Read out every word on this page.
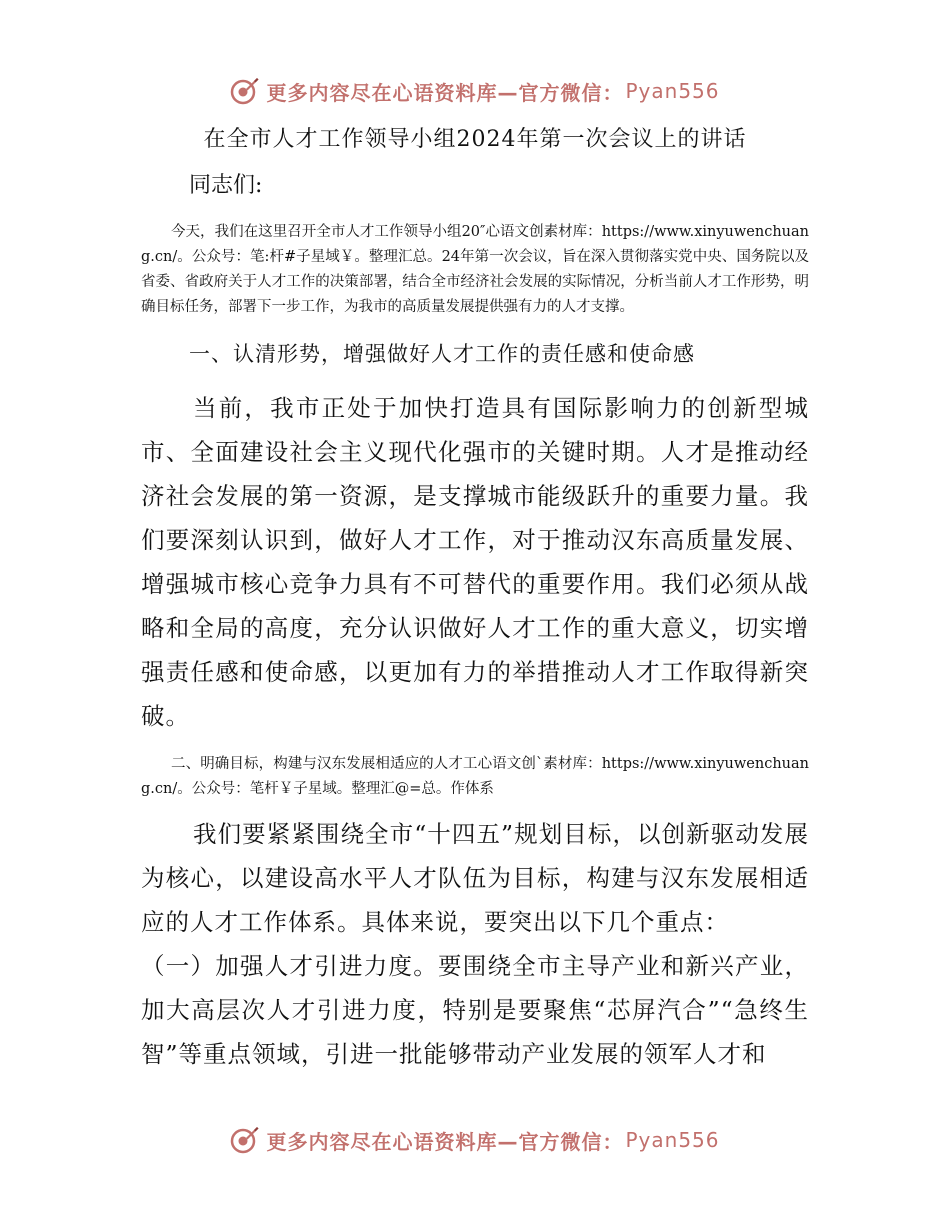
更多内容尽在心语资料库—官方微信： Pyan556
在全市人才工作领导小组2024年第一次会议上的讲话

同志们:

今天，我们在这里召开全市人才工作领导小组20″心语文创素材库：https://www.xinyuwenchuang.cn/。公众号：笔:杆#子星域￥。整理汇总。24年第一次会议，旨在深入贯彻落实党中央、国务院以及省委、省政府关于人才工作的决策部署，结合全市经济社会发展的实际情况，分析当前人才工作形势，明确目标任务，部署下一步工作，为我市的高质量发展提供强有力的人才支撑。

一、认清形势，增强做好人才工作的责任感和使命感

当前，我市正处于加快打造具有国际影响力的创新型城市、全面建设社会主义现代化强市的关键时期。人才是推动经济社会发展的第一资源，是支撑城市能级跃升的重要力量。我们要深刻认识到，做好人才工作，对于推动汉东高质量发展、增强城市核心竞争力具有不可替代的重要作用。我们必须从战略和全局的高度，充分认识做好人才工作的重大意义，切实增强责任感和使命感，以更加有力的举措推动人才工作取得新突破。

二、明确目标，构建与汉东发展相适应的人才工心语文创`素材库：https://www.xinyuwenchuang.cn/。公众号：笔杆￥子星域。整理汇@=总。作体系

我们要紧紧围绕全市“十四五”规划目标，以创新驱动发展为核心，以建设高水平人才队伍为目标，构建与汉东发展相适应的人才工作体系。具体来说，要突出以下几个重点：

（一）加强人才引进力度。要围绕全市主导产业和新兴产业，加大高层次人才引进力度，特别是要聚焦“芯屏汽合”“急终生智”等重点领域，引进一批能够带动产业发展的领军人才和

更多内容尽在心语资料库—官方微信： Pyan556
